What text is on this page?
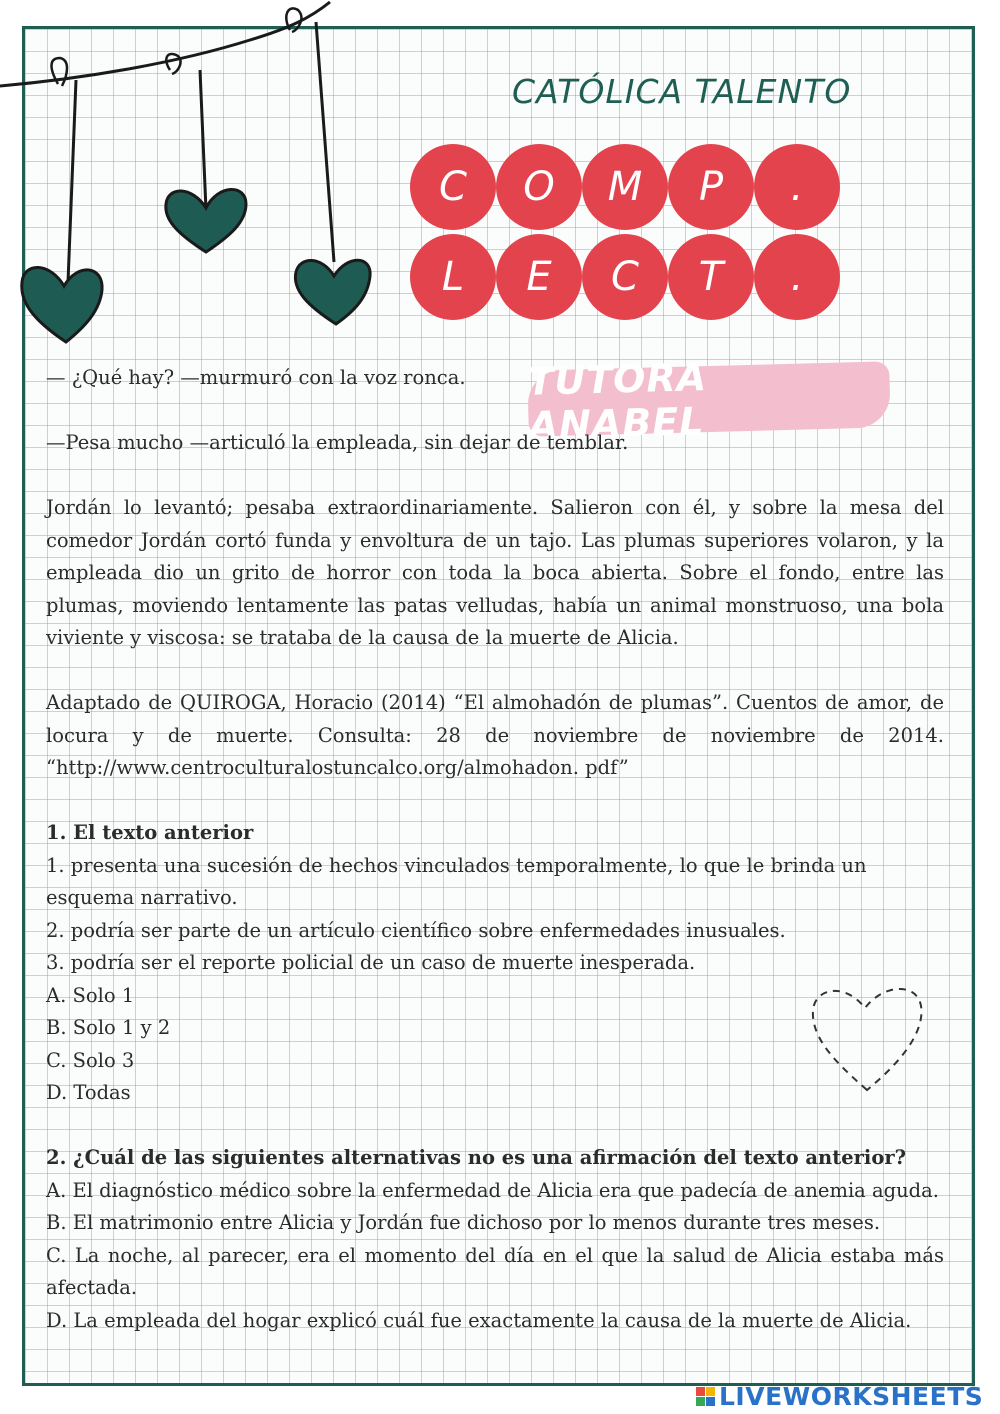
CATÓLICA TALENTO

C	O	M	P	.
L	E	C	T	.
TUTORA ANABEL

— ¿Qué hay? —murmuró con la voz ronca.

—Pesa mucho —articuló la empleada, sin dejar de temblar.

Jordán lo levantó; pesaba extraordinariamente. Salieron con él, y sobre la mesa del comedor Jordán cortó funda y envoltura de un tajo. Las plumas superiores volaron, y la empleada dio un grito de horror con toda la boca abierta. Sobre el fondo, entre las plumas, moviendo lentamente las patas velludas, había un animal monstruoso, una bola viviente y viscosa: se trataba de la causa de la muerte de Alicia.

Adaptado de QUIROGA, Horacio (2014) “El almohadón de plumas”. Cuentos de amor, de locura y de muerte. Consulta: 28 de noviembre de noviembre de 2014. “http://www.centroculturalostuncalco.org/almohadon. pdf”

1. El texto anterior

1. presenta una sucesión de hechos vinculados temporalmente, lo que le brinda un esquema narrativo.

2. podría ser parte de un artículo científico sobre enfermedades inusuales.

3. podría ser el reporte policial de un caso de muerte inesperada.

A. Solo 1

B. Solo 1 y 2

C. Solo 3

D. Todas

2. ¿Cuál de las siguientes alternativas no es una afirmación del texto anterior?

A. El diagnóstico médico sobre la enfermedad de Alicia era que padecía de anemia aguda.

B. El matrimonio entre Alicia y Jordán fue dichoso por lo menos durante tres meses.

C. La noche, al parecer, era el momento del día en el que la salud de Alicia estaba más afectada.

D. La empleada del hogar explicó cuál fue exactamente la causa de la muerte de Alicia.

LIVEWORKSHEETS
